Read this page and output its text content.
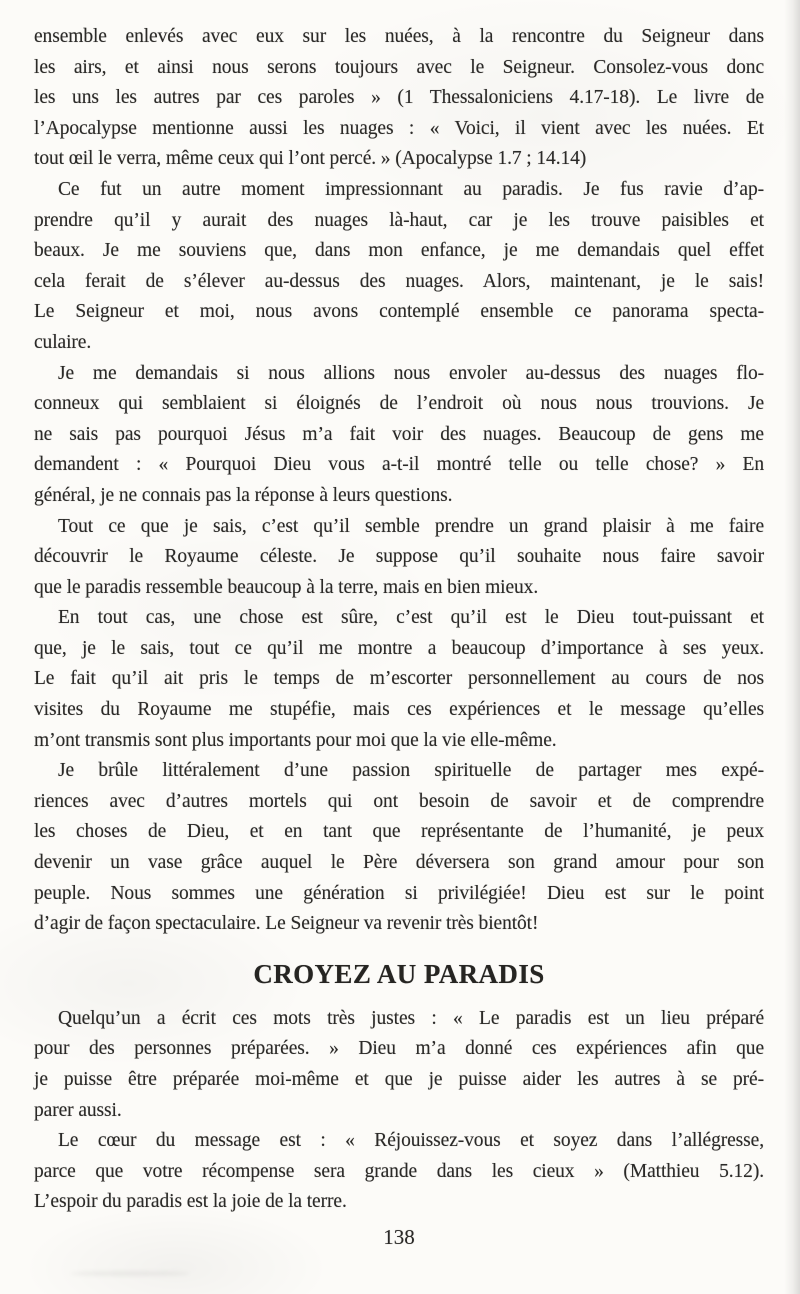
ensemble enlevés avec eux sur les nuées, à la rencontre du Seigneur dans
les airs, et ainsi nous serons toujours avec le Seigneur. Consolez-vous donc
les uns les autres par ces paroles » (1 Thessaloniciens 4.17-18). Le livre de
l’Apocalypse mentionne aussi les nuages : « Voici, il vient avec les nuées. Et
tout œil le verra, même ceux qui l’ont percé. » (Apocalypse 1.7 ; 14.14)

Ce fut un autre moment impressionnant au paradis. Je fus ravie d’ap-
prendre qu’il y aurait des nuages là-haut, car je les trouve paisibles et
beaux. Je me souviens que, dans mon enfance, je me demandais quel effet
cela ferait de s’élever au-dessus des nuages. Alors, maintenant, je le sais!
Le Seigneur et moi, nous avons contemplé ensemble ce panorama specta-
culaire.

Je me demandais si nous allions nous envoler au-dessus des nuages flo-
conneux qui semblaient si éloignés de l’endroit où nous nous trouvions. Je
ne sais pas pourquoi Jésus m’a fait voir des nuages. Beaucoup de gens me
demandent : « Pourquoi Dieu vous a-t-il montré telle ou telle chose? » En
général, je ne connais pas la réponse à leurs questions.

Tout ce que je sais, c’est qu’il semble prendre un grand plaisir à me faire
découvrir le Royaume céleste. Je suppose qu’il souhaite nous faire savoir
que le paradis ressemble beaucoup à la terre, mais en bien mieux.

En tout cas, une chose est sûre, c’est qu’il est le Dieu tout-puissant et
que, je le sais, tout ce qu’il me montre a beaucoup d’importance à ses yeux.
Le fait qu’il ait pris le temps de m’escorter personnellement au cours de nos
visites du Royaume me stupéfie, mais ces expériences et le message qu’elles
m’ont transmis sont plus importants pour moi que la vie elle-même.

Je brûle littéralement d’une passion spirituelle de partager mes expé-
riences avec d’autres mortels qui ont besoin de savoir et de comprendre
les choses de Dieu, et en tant que représentante de l’humanité, je peux
devenir un vase grâce auquel le Père déversera son grand amour pour son
peuple. Nous sommes une génération si privilégiée! Dieu est sur le point
d’agir de façon spectaculaire. Le Seigneur va revenir très bientôt!

CROYEZ AU PARADIS

Quelqu’un a écrit ces mots très justes : « Le paradis est un lieu préparé
pour des personnes préparées. » Dieu m’a donné ces expériences afin que
je puisse être préparée moi-même et que je puisse aider les autres à se pré-
parer aussi.

Le cœur du message est : « Réjouissez-vous et soyez dans l’allégresse,
parce que votre récompense sera grande dans les cieux » (Matthieu 5.12).
L’espoir du paradis est la joie de la terre.

138
